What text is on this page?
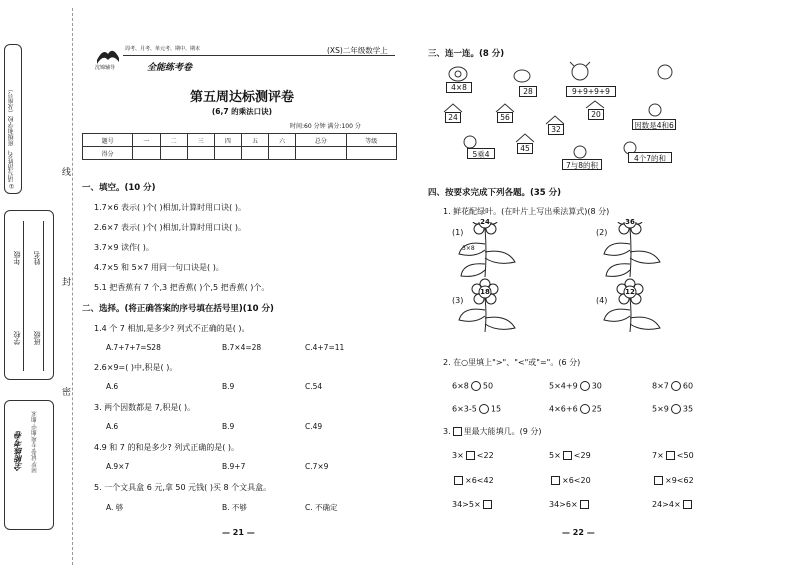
①请写清姓名、班级和学校（及座号）
学校
年级
班级
姓名
全能练考卷 同步·试卷·专项·期中·期末
线
封
密
沈锦辅导
周考、月考、单元考、期中、期末
全能练考卷
(XS)二年级数学上
第五周达标测评卷
(6,7 的乘法口诀)
时间:60 分钟 满分:100 分
题号	一	二	三	四	五	六	总分	等级
得分								
一、填空。(10 分)
1.7×6 表示( )个( )相加,计算时用口诀( )。
2.6×7 表示( )个( )相加,计算时用口诀( )。
3.7×9 读作( )。
4.7×5 和 5×7 用同一句口诀是( )。
5.1 把香蕉有 7 个,3 把香蕉( )个,5 把香蕉( )个。
二、选择。(将正确答案的序号填在括号里)(10 分)
1.4 个 7 相加,是多少? 列式不正确的是( )。
A.7+7+7=S28	B.7×4=28	C.4+7=11
2.6×9=( )中,积是( )。
A.6	B.9	C.54
3. 两个因数都是 7,积是( )。
A.6	B.9	C.49
4.9 和 7 的和是多少? 列式正确的是( )。
A.9×7	B.9+7	C.7×9
5. 一个文具盒 6 元,拿 50 元钱( )买 8 个文具盒。
A. 够	B. 不够	C. 不确定
— 21 —
三、连一连。(8 分)
4×8	28	9+9+9+9
24	56
32
20
因数是4和6
45
5乘4
7与8的积
4个7的和
四、按要求完成下列各题。(35 分)
1. 鲜花配绿叶。(在叶片上写出乘法算式)(8 分)
(1)	(2)
(3)	(4)
24	36
18	12
3×8
2. 在○里填上">"、"<"或"="。(6 分)
6×8 50	5×4+9 30	8×7 60
6×3-5 15	4×6+6 25	5×9 35
3. 里最大能填几。(9 分)
3× <22	5× <29	7× <50
×6<42	×6<20	×9<62
34>5×	34>6×	24>4×
— 22 —
